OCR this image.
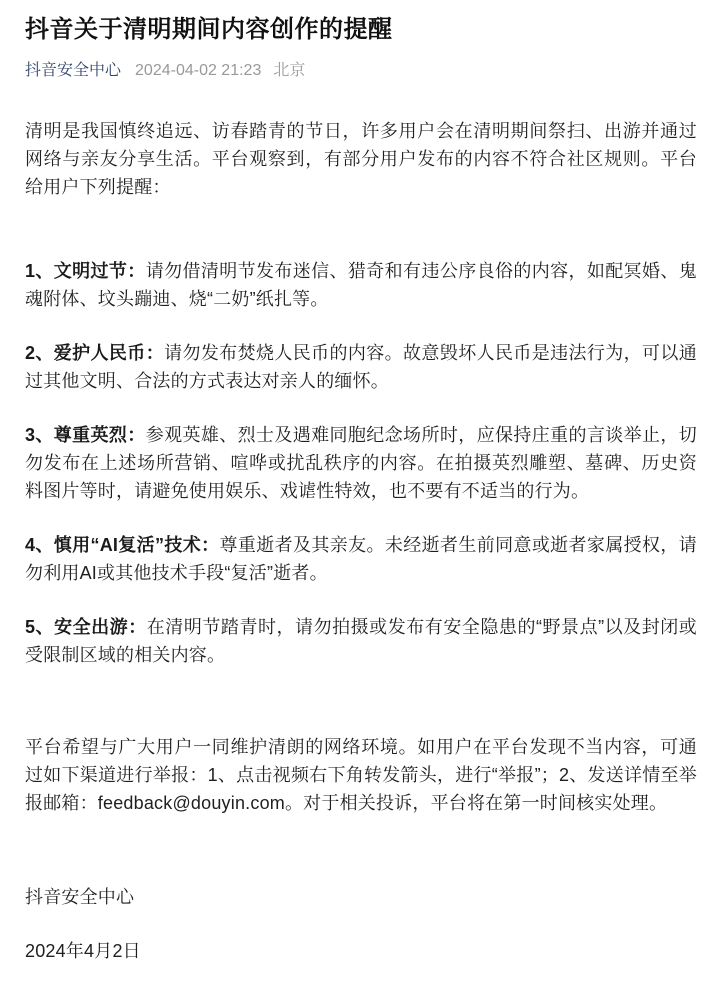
抖音关于清明期间内容创作的提醒
抖音安全中心 2024-04-02 21:23 北京

清明是我国慎终追远、访春踏青的节日，许多用户会在清明期间祭扫、出游并通过网络与亲友分享生活。平台观察到，有部分用户发布的内容不符合社区规则。平台给用户下列提醒：

1、文明过节：请勿借清明节发布迷信、猎奇和有违公序良俗的内容，如配冥婚、鬼魂附体、坟头蹦迪、烧“二奶”纸扎等。

2、爱护人民币：请勿发布焚烧人民币的内容。故意毁坏人民币是违法行为，可以通过其他文明、合法的方式表达对亲人的缅怀。

3、尊重英烈：参观英雄、烈士及遇难同胞纪念场所时，应保持庄重的言谈举止，切勿发布在上述场所营销、喧哗或扰乱秩序的内容。在拍摄英烈雕塑、墓碑、历史资料图片等时，请避免使用娱乐、戏谑性特效，也不要有不适当的行为。

4、慎用“AI复活”技术：尊重逝者及其亲友。未经逝者生前同意或逝者家属授权，请勿利用AI或其他技术手段“复活”逝者。

5、安全出游：在清明节踏青时，请勿拍摄或发布有安全隐患的“野景点”以及封闭或受限制区域的相关内容。

平台希望与广大用户一同维护清朗的网络环境。如用户在平台发现不当内容，可通过如下渠道进行举报：1、点击视频右下角转发箭头，进行“举报”；2、发送详情至举报邮箱：feedback@douyin.com。对于相关投诉，平台将在第一时间核实处理。

抖音安全中心

2024年4月2日
